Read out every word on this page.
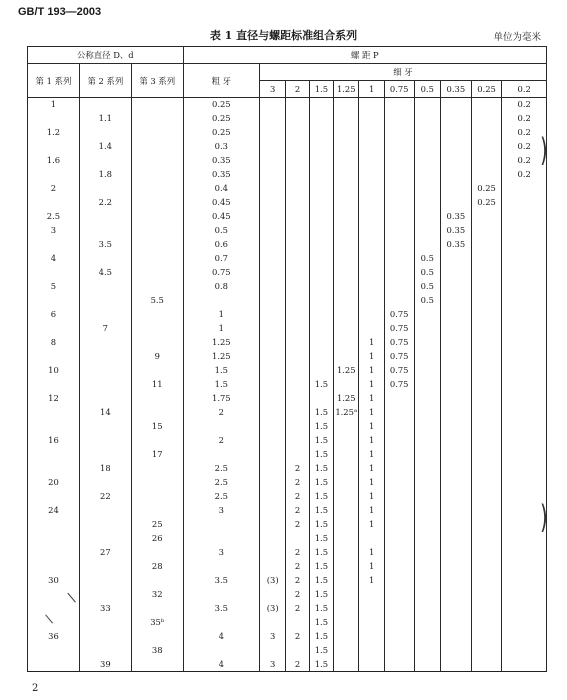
GB/T 193—2003
表 1 直径与螺距标准组合系列	单位为毫米
公称直径 D、d			螺 距 P										
第 1 系列	第 2 系列	第 3 系列	粗 牙	细 牙									
				3	2	1.5	1.25	1	0.75	0.5	0.35	0.25	0.2
1			0.25										0.2
	1.1		0.25										0.2
1.2			0.25										0.2
	1.4		0.3										0.2
1.6			0.35										0.2
	1.8		0.35										0.2
2			0.4									0.25	
	2.2		0.45									0.25	
2.5			0.45								0.35		
3			0.5								0.35		
	3.5		0.6								0.35		
4			0.7							0.5			
	4.5		0.75							0.5			
5			0.8							0.5			
		5.5								0.5			
6			1						0.75				
	7		1						0.75				
8			1.25					1	0.75				
		9	1.25					1	0.75				
10			1.5				1.25	1	0.75				
		11	1.5			1.5		1	0.75				
12			1.75				1.25	1					
	14		2			1.5	1.25ᵃ	1					
		15				1.5		1					
16			2			1.5		1					
		17				1.5		1					
	18		2.5		2	1.5		1					
20			2.5		2	1.5		1					
	22		2.5		2	1.5		1					
24			3		2	1.5		1					
		25			2	1.5		1					
		26				1.5							
	27		3		2	1.5		1					
		28			2	1.5		1					
30			3.5	(3)	2	1.5		1					
		32			2	1.5							
	33		3.5	(3)	2	1.5							
		35ᵇ				1.5							
36			4	3	2	1.5							
		38				1.5							
	39		4	3	2	1.5							
2
)
)
❘
❘
